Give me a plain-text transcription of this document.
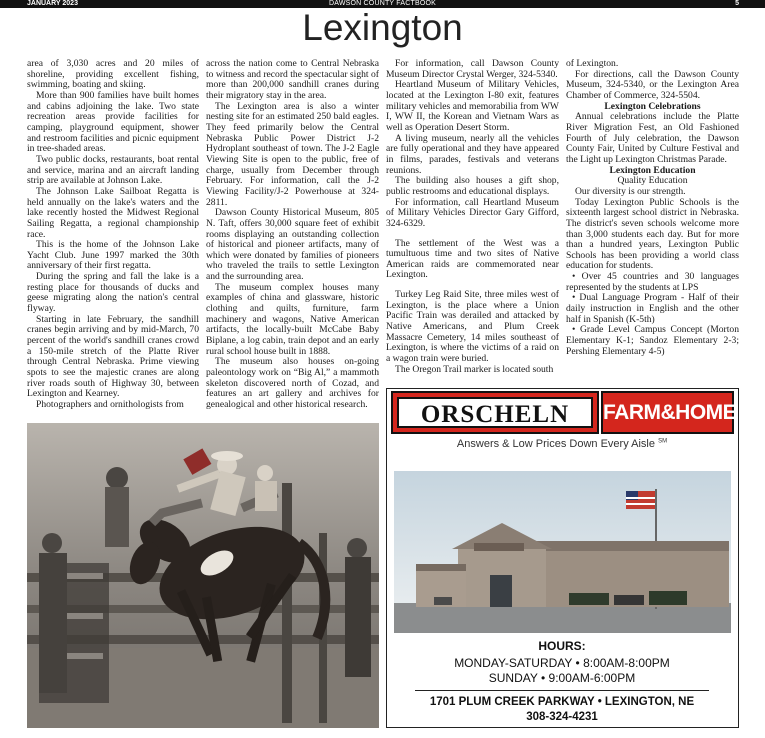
JANUARY 2023	DAWSON COUNTY FACTBOOK	5
Lexington

area of 3,030 acres and 20 miles of shoreline, providing excellent fishing, swimming, boating and skiing.

More than 900 families have built homes and cabins adjoining the lake. Two state recreation areas provide facilities for camping, playground equipment, shower and restroom facilities and picnic equipment in tree-shaded areas.

Two public docks, restaurants, boat rental and service, marina and an aircraft landing strip are available at Johnson Lake.

The Johnson Lake Sailboat Regatta is held annually on the lake's waters and the lake recently hosted the Midwest Regional Sailing Regatta, a regional championship race.

This is the home of the Johnson Lake Yacht Club. June 1997 marked the 30th anniversary of their first regatta.

During the spring and fall the lake is a resting place for thousands of ducks and geese migrating along the nation's central flyway.

Starting in late February, the sandhill cranes begin arriving and by mid-March, 70 percent of the world's sandhill cranes crowd a 150-mile stretch of the Platte River through Central Nebraska. Prime viewing spots to see the majestic cranes are along river roads south of Highway 30, between Lexington and Kearney.

Photographers and ornithologists from

across the nation come to Central Nebraska to witness and record the spectacular sight of more than 200,000 sandhill cranes during their migratory stay in the area.

The Lexington area is also a winter nesting site for an estimated 250 bald eagles. They feed primarily below the Central Nebraska Public Power District J-2 Hydroplant southeast of town. The J-2 Eagle Viewing Site is open to the public, free of charge, usually from December through February. For information, call the J-2 Viewing Facility/J-2 Powerhouse at 324-2811.

Dawson County Historical Museum, 805 N. Taft, offers 30,000 square feet of exhibit rooms displaying an outstanding collection of historical and pioneer artifacts, many of which were donated by families of pioneers who traveled the trails to settle Lexington and the surrounding area.

The museum complex houses many examples of china and glassware, historic clothing and quilts, furniture, farm machinery and wagons, Native American artifacts, the locally-built McCabe Baby Biplane, a log cabin, train depot and an early rural school house built in 1888.

The museum also houses on-going paleontology work on “Big Al,” a mammoth skeleton discovered north of Cozad, and features an art gallery and archives for genealogical and other historical research.

For information, call Dawson County Museum Director Crystal Werger, 324-5340.

Heartland Museum of Military Vehicles, located at the Lexington I-80 exit, features military vehicles and memorabilia from WW I, WW II, the Korean and Vietnam Wars as well as Operation Desert Storm.

A living museum, nearly all the vehicles are fully operational and they have appeared in films, parades, festivals and veterans reunions.

The building also houses a gift shop, public restrooms and educational displays.

For information, call Heartland Museum of Military Vehicles Director Gary Gifford, 324-6329.

The settlement of the West was a tumultuous time and two sites of Native American raids are commemorated near Lexington.

Turkey Leg Raid Site, three miles west of Lexington, is the place where a Union Pacific Train was derailed and attacked by Native Americans, and Plum Creek Massacre Cemetery, 14 miles southeast of Lexington, is where the victims of a raid on a wagon train were buried.

The Oregon Trail marker is located south

of Lexington.

For directions, call the Dawson County Museum, 324-5340, or the Lexington Area Chamber of Commerce, 324-5504.

Lexington Celebrations

Annual celebrations include the Platte River Migration Fest, an Old Fashioned Fourth of July celebration, the Dawson County Fair, United by Culture Festival and the Light up Lexington Christmas Parade.

Lexington Education

Quality Education

Our diversity is our strength.

Today Lexington Public Schools is the sixteenth largest school district in Nebraska. The district's seven schools welcome more than 3,000 students each day. But for more than a hundred years, Lexington Public Schools has been providing a world class education for students.

• Over 45 countries and 30 languages represented by the students at LPS

• Dual Language Program - Half of their daily instruction in English and the other half in Spanish (K-5th)

• Grade Level Campus Concept (Morton Elementary K-1; Sandoz Elementary 2-3; Pershing Elementary 4-5)

ORSCHELN	FARM&HOME
Answers & Low Prices Down Every Aisle ℠
HOURS:
MONDAY-SATURDAY • 8:00AM-8:00PM
SUNDAY • 9:00AM-6:00PM
1701 PLUM CREEK PARKWAY • LEXINGTON, NE
308-324-4231
